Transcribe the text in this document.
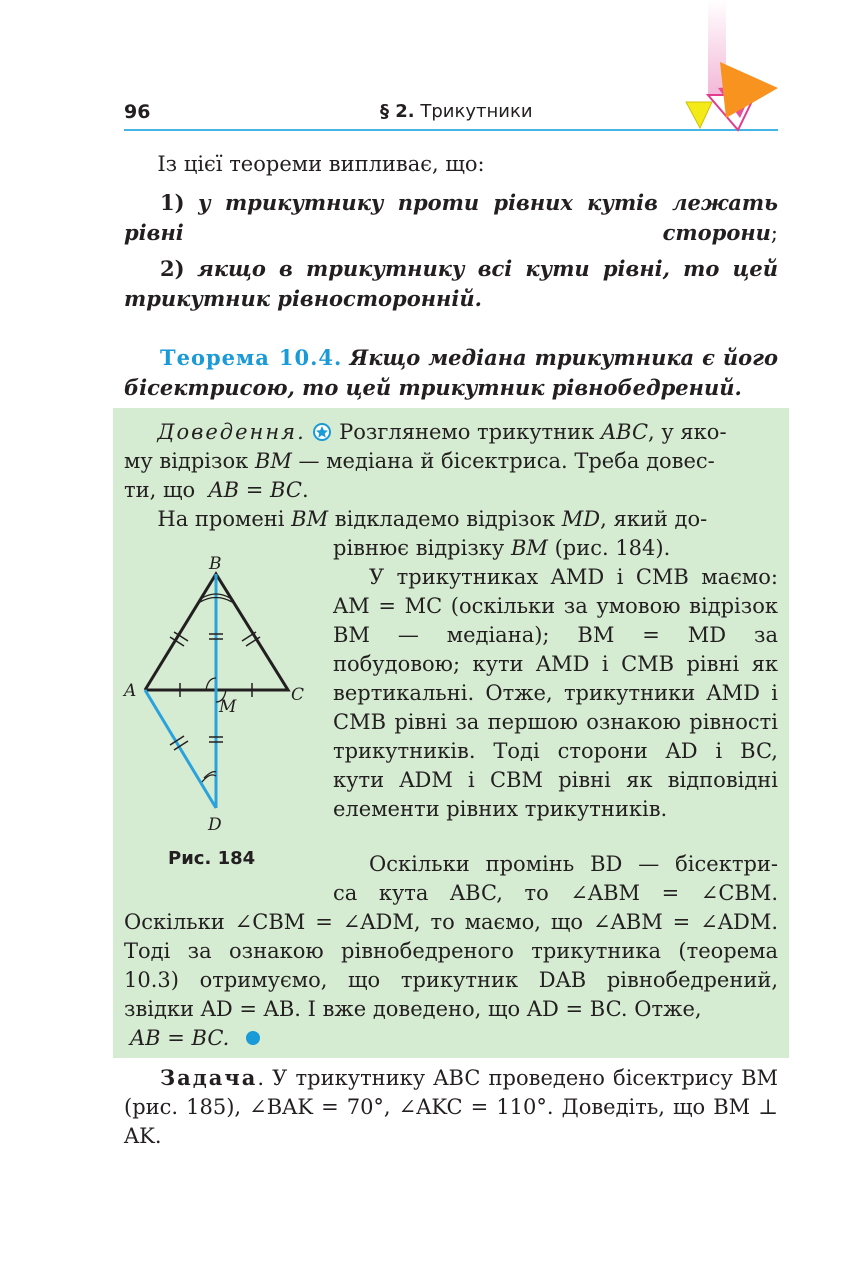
96	§ 2. Трикутники
Із цієї теореми випливає, що:
1) у трикутнику проти рівних кутів лежать рівні сторони;
2) якщо в трикутнику всі кути рівні, то цей трикутник рівносторонній.
Теорема 10.4. Якщо медіана трикутника є його бісектрисою, то цей трикутник рівнобедрений.
Доведення. Розглянемо трикутник ABC, у яко-
му відрізок BM — медіана й бісектриса. Треба довес-
ти, що AB = BC.
На промені BM відкладемо відрізок MD, який до-
рівнює відрізку BM (рис. 184).
У трикутниках AMD і CMB маємо: AM = MC (оскільки за умовою відрізок BM — медіана); BM = MD за побудовою; кути AMD і CMB рівні як вертикальні. Отже, трикутники AMD і CMB рівні за першою ознакою рівності трикутників. Тоді сторони AD і BC, кути ADM і CBM рівні як відповідні елементи рівних трикутників.
Оскільки промінь BD — бісектри-
са кута ABC, то ∠ABM = ∠CBM.
Оскільки ∠CBM = ∠ADM, то маємо, що ∠ABM = ∠ADM.
Тоді за ознакою рівнобедреного трикутника (теорема 10.3) отримуємо, що трикутник DAB рівнобедрений, звідки AD = AB. І вже доведено, що AD = BC. Отже,
AB = BC.
B
A	C
M
D
Рис. 184
Задача. У трикутнику ABC проведено бісектрису BM (рис. 185), ∠BAK = 70°, ∠AKC = 110°. Доведіть, що BM ⊥ AK.
